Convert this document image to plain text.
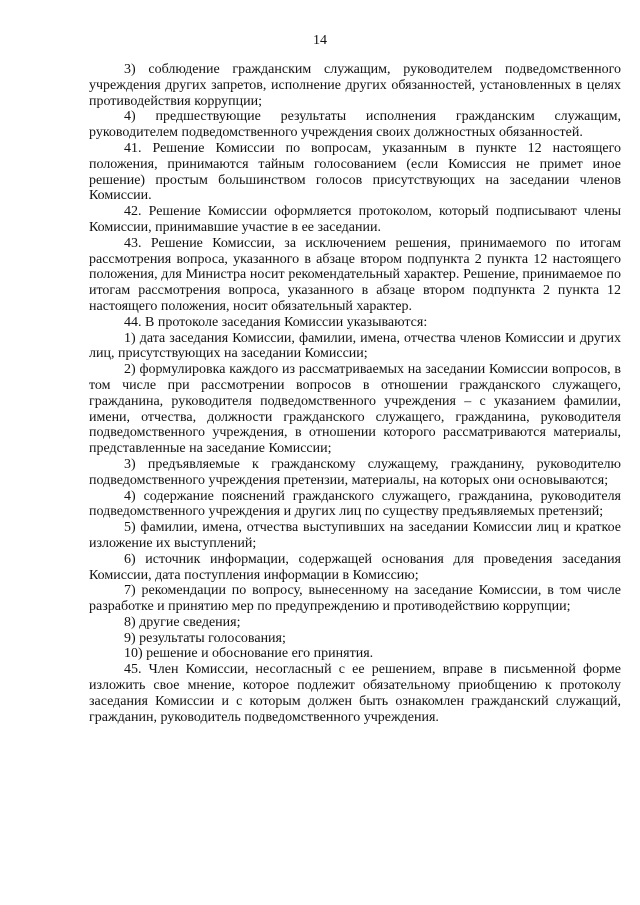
14

3) соблюдение гражданским служащим, руководителем подведомственного учреждения других запретов, исполнение других обязанностей, установленных в целях противодействия коррупции;

4) предшествующие результаты исполнения гражданским служащим, руководителем подведомственного учреждения своих должностных обязанностей.

41. Решение Комиссии по вопросам, указанным в пункте 12 настоящего положения, принимаются тайным голосованием (если Комиссия не примет иное решение) простым большинством голосов присутствующих на заседании членов Комиссии.

42. Решение Комиссии оформляется протоколом, который подписывают члены Комиссии, принимавшие участие в ее заседании.

43. Решение Комиссии, за исключением решения, принимаемого по итогам рассмотрения вопроса, указанного в абзаце втором подпункта 2 пункта 12 настоящего положения, для Министра носит рекомендательный характер. Решение, принимаемое по итогам рассмотрения вопроса, указанного в абзаце втором подпункта 2 пункта 12 настоящего положения, носит обязательный характер.

44. В протоколе заседания Комиссии указываются:

1) дата заседания Комиссии, фамилии, имена, отчества членов Комиссии и других лиц, присутствующих на заседании Комиссии;

2) формулировка каждого из рассматриваемых на заседании Комиссии вопросов, в том числе при рассмотрении вопросов в отношении гражданского служащего, гражданина, руководителя подведомственного учреждения – с указанием фамилии, имени, отчества, должности гражданского служащего, гражданина, руководителя подведомственного учреждения, в отношении которого рассматриваются материалы, представленные на заседание Комиссии;

3) предъявляемые к гражданскому служащему, гражданину, руководителю подведомственного учреждения претензии, материалы, на которых они основываются;

4) содержание пояснений гражданского служащего, гражданина, руководителя подведомственного учреждения и других лиц по существу предъявляемых претензий;

5) фамилии, имена, отчества выступивших на заседании Комиссии лиц и краткое изложение их выступлений;

6) источник информации, содержащей основания для проведения заседания Комиссии, дата поступления информации в Комиссию;

7) рекомендации по вопросу, вынесенному на заседание Комиссии, в том числе разработке и принятию мер по предупреждению и противодействию коррупции;

8) другие сведения;

9) результаты голосования;

10) решение и обоснование его принятия.

45. Член Комиссии, несогласный с ее решением, вправе в письменной форме изложить свое мнение, которое подлежит обязательному приобщению к протоколу заседания Комиссии и с которым должен быть ознакомлен гражданский служащий, гражданин, руководитель подведомственного учреждения.
